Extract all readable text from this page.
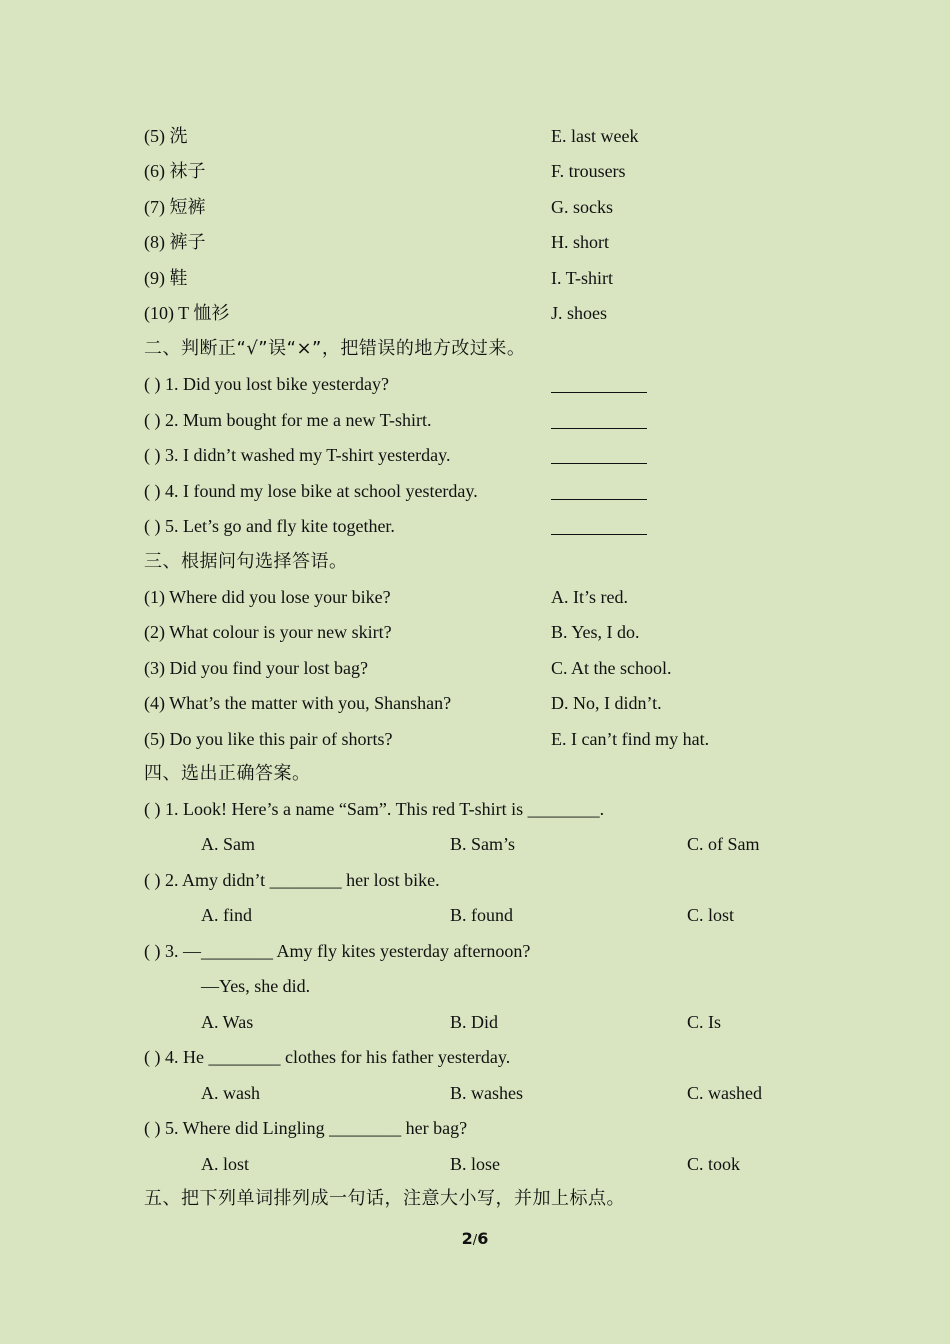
(5) 洗	E. last week
(6) 袜子	F. trousers
(7) 短裤	G. socks
(8) 裤子	H. short
(9) 鞋	I. T-shirt
(10) T 恤衫	J. shoes
二、判断正“√”误“×”，把错误的地方改过来。
( ) 1. Did you lost bike yesterday?
( ) 2. Mum bought for me a new T-shirt.
( ) 3. I didn’t washed my T-shirt yesterday.
( ) 4. I found my lose bike at school yesterday.
( ) 5. Let’s go and fly kite together.
三、根据问句选择答语。
(1) Where did you lose your bike?	A. It’s red.
(2) What colour is your new skirt?	B. Yes, I do.
(3) Did you find your lost bag?	C. At the school.
(4) What’s the matter with you, Shanshan?	D. No, I didn’t.
(5) Do you like this pair of shorts?	E. I can’t find my hat.
四、选出正确答案。
( ) 1. Look! Here’s a name “Sam”. This red T-shirt is ________.
A. Sam	B. Sam’s	C. of Sam
( ) 2. Amy didn’t ________ her lost bike.
A. find	B. found	C. lost
( ) 3. —________ Amy fly kites yesterday afternoon?
—Yes, she did.
A. Was	B. Did	C. Is
( ) 4. He ________ clothes for his father yesterday.
A. wash	B. washes	C. washed
( ) 5. Where did Lingling ________ her bag?
A. lost	B. lose	C. took
五、把下列单词排列成一句话，注意大小写，并加上标点。
2/6
